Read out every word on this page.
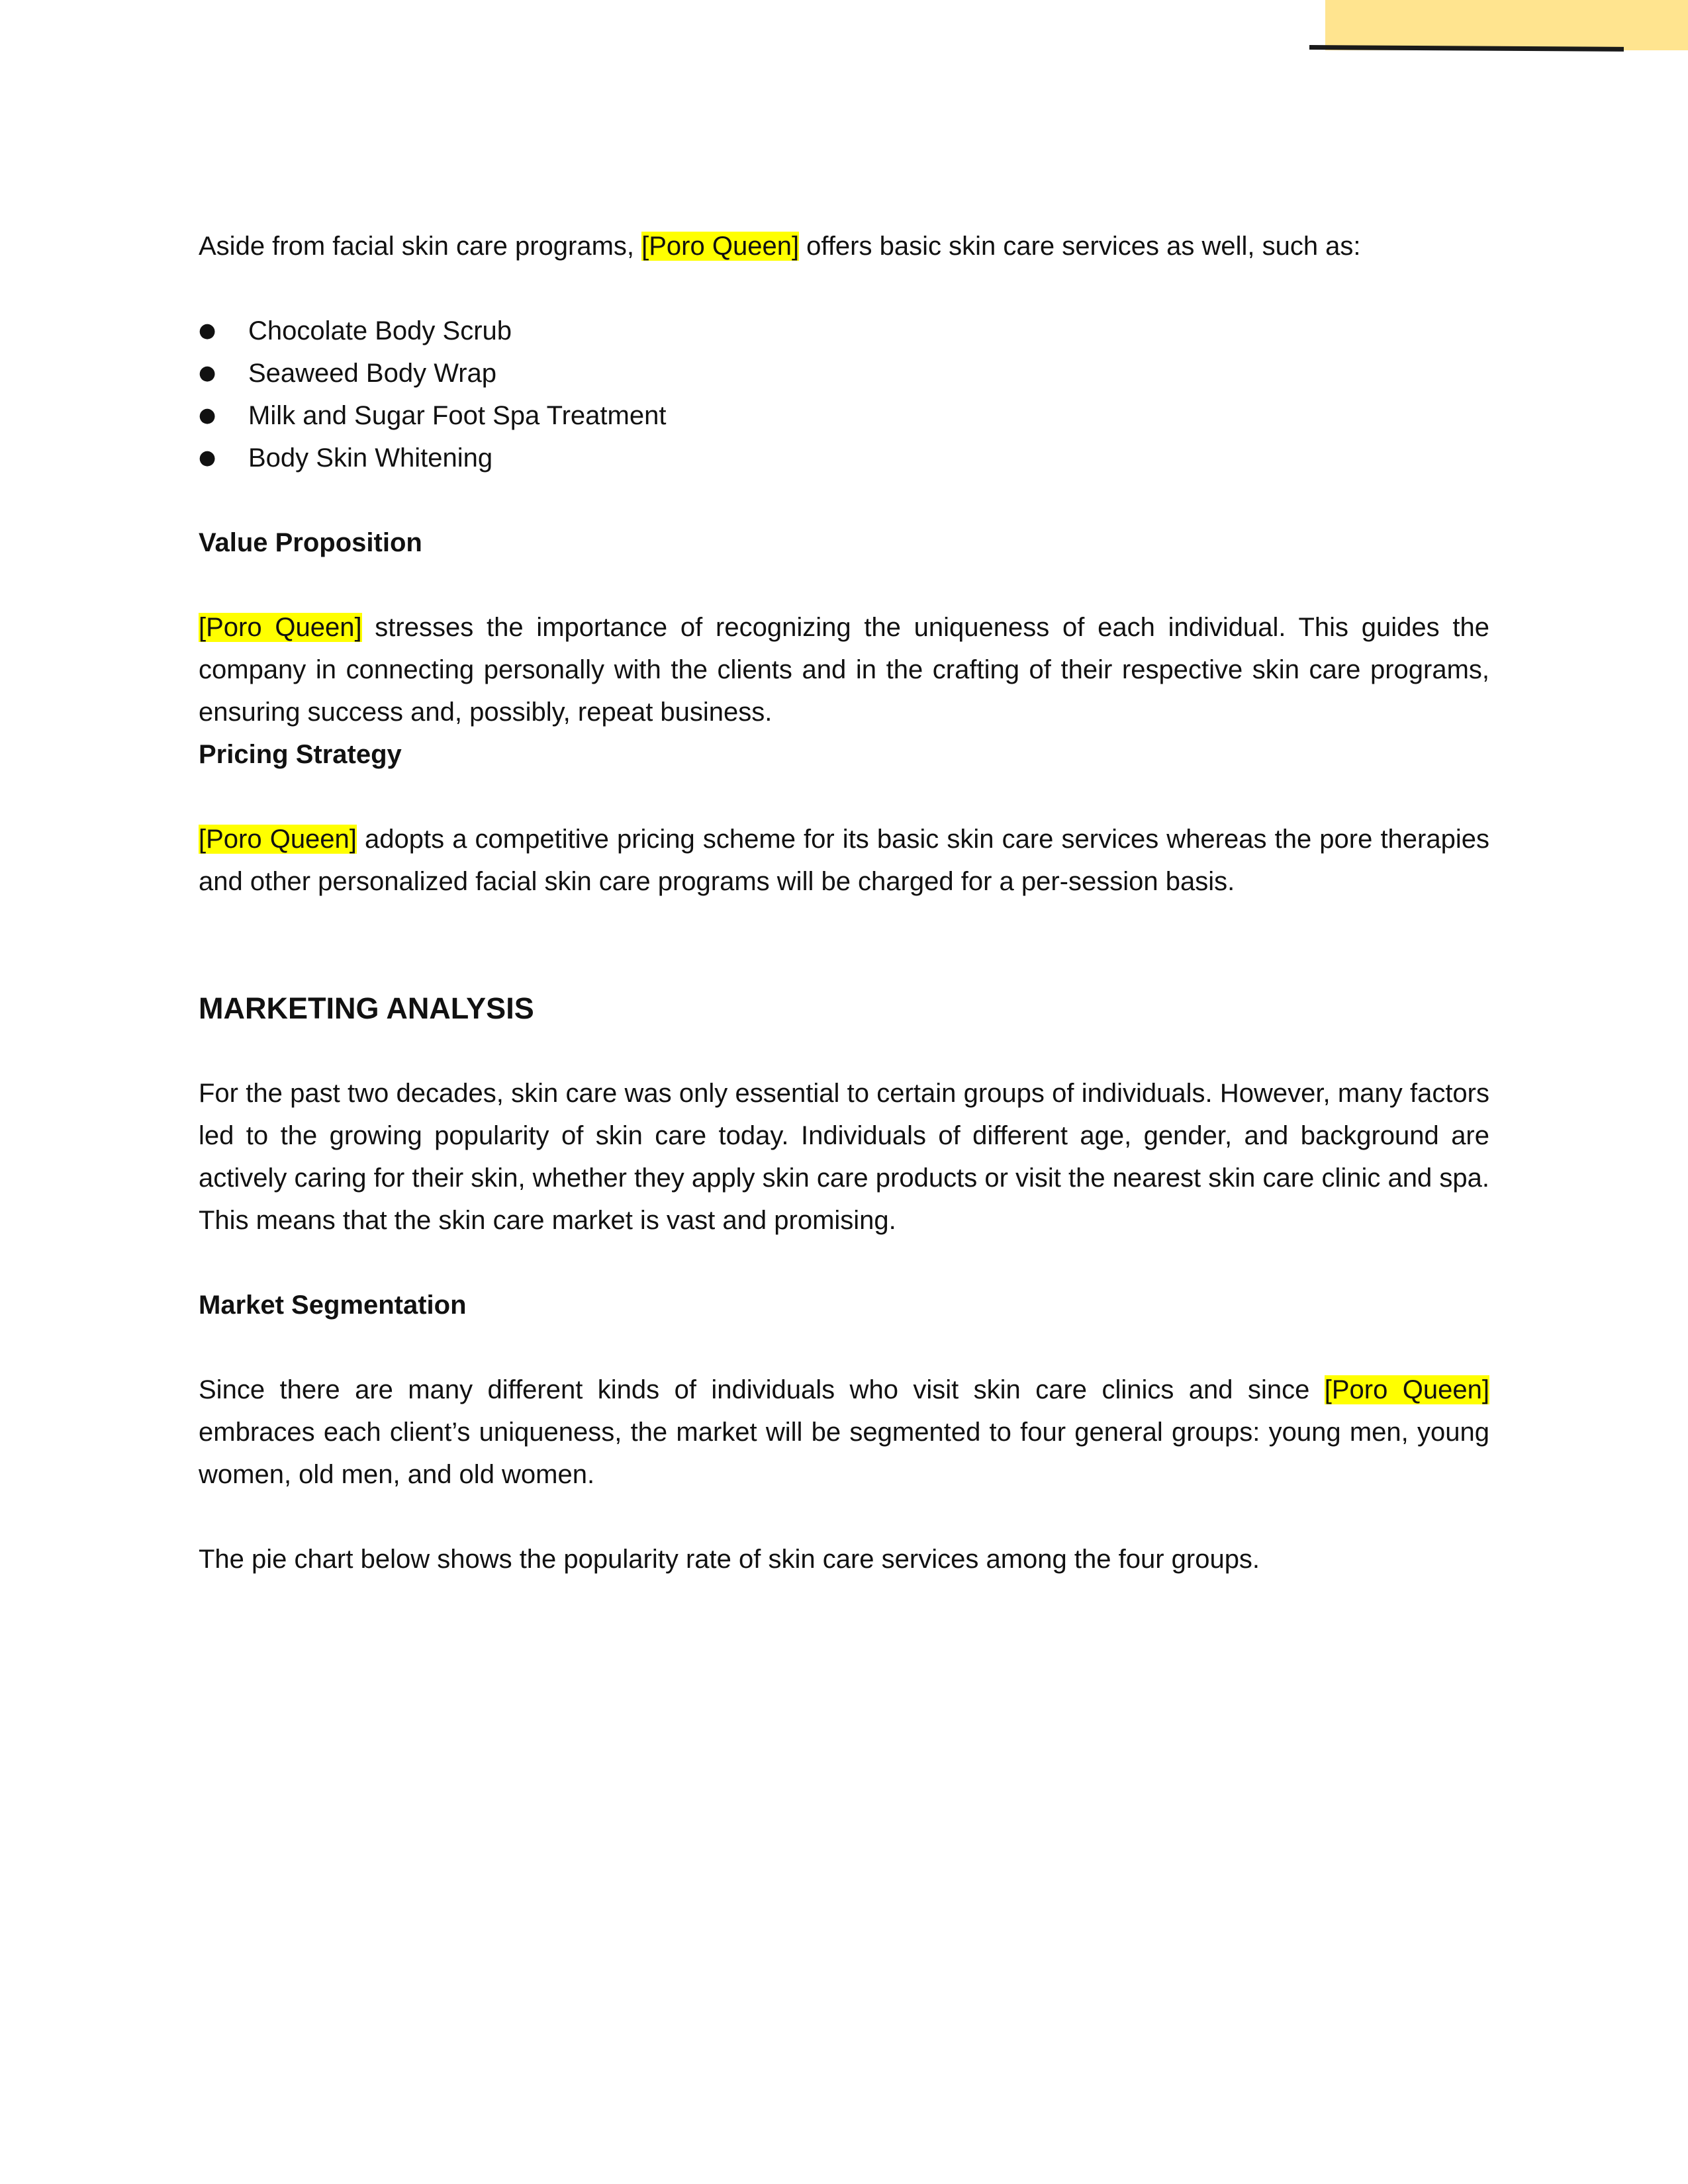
Aside from facial skin care programs, [Poro Queen] offers basic skin care services as well, such as:

● Chocolate Body Scrub
● Seaweed Body Wrap
● Milk and Sugar Foot Spa Treatment
● Body Skin Whitening

Value Proposition

[Poro Queen] stresses the importance of recognizing the uniqueness of each individual. This guides the company in connecting personally with the clients and in the crafting of their respective skin care programs, ensuring success and, possibly, repeat business.

Pricing Strategy

[Poro Queen] adopts a competitive pricing scheme for its basic skin care services whereas the pore therapies and other personalized facial skin care programs will be charged for a per-session basis.

MARKETING ANALYSIS

For the past two decades, skin care was only essential to certain groups of individuals. However, many factors led to the growing popularity of skin care today. Individuals of different age, gender, and background are actively caring for their skin, whether they apply skin care products or visit the nearest skin care clinic and spa. This means that the skin care market is vast and promising.

Market Segmentation

Since there are many different kinds of individuals who visit skin care clinics and since [Poro Queen] embraces each client’s uniqueness, the market will be segmented to four general groups: young men, young women, old men, and old women.

The pie chart below shows the popularity rate of skin care services among the four groups.
